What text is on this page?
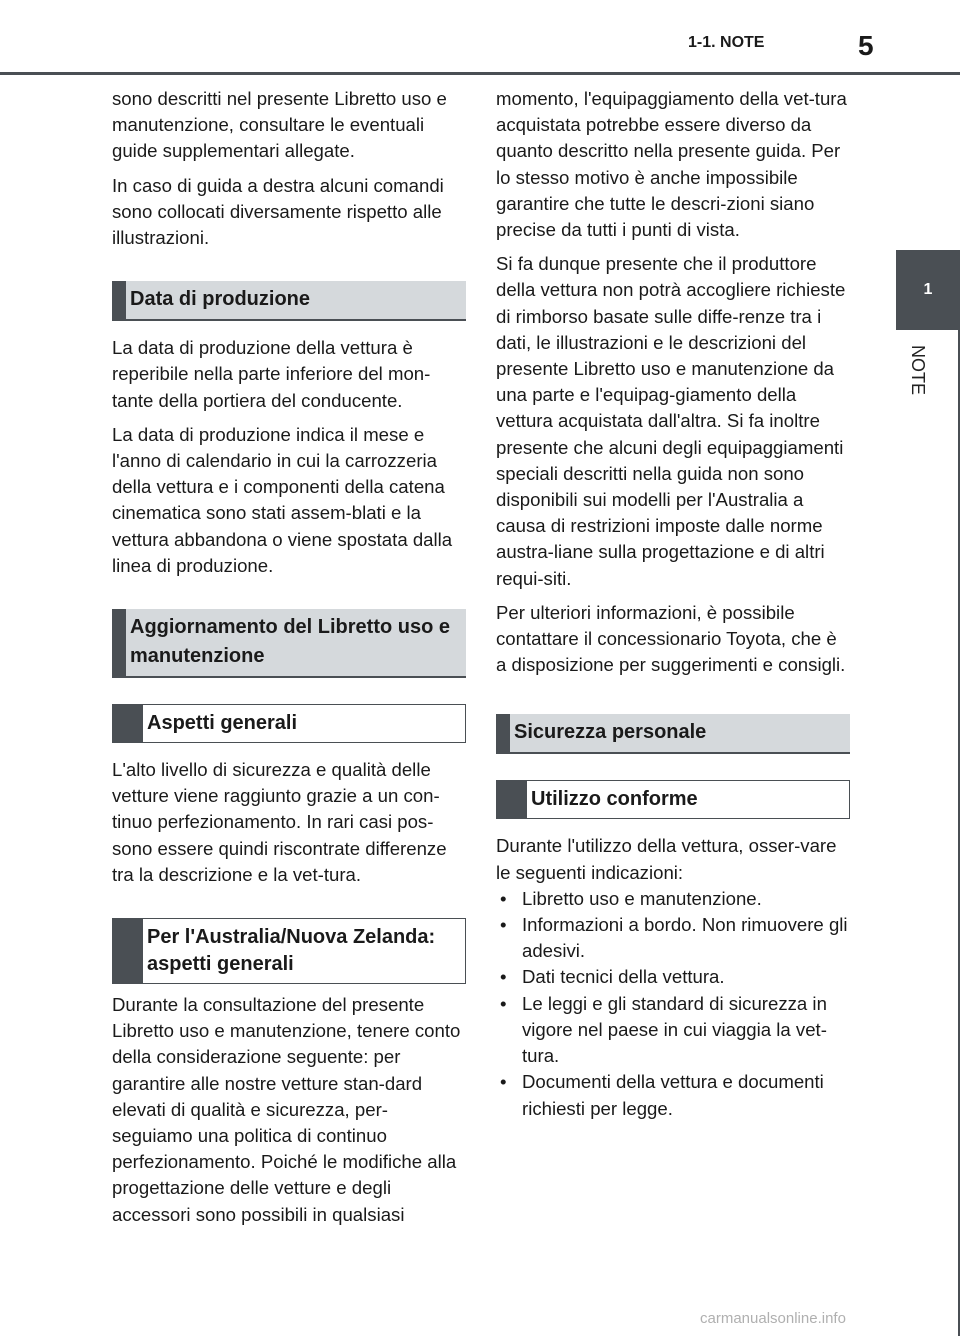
1-1. NOTE	5
1
NOTE

sono descritti nel presente Libretto uso e manutenzione, consultare le eventuali guide supplementari allegate.

In caso di guida a destra alcuni comandi sono collocati diversamente rispetto alle illustrazioni.

Data di produzione

La data di produzione della vettura è reperibile nella parte inferiore del mon-tante della portiera del conducente.

La data di produzione indica il mese e l'anno di calendario in cui la carrozzeria della vettura e i componenti della catena cinematica sono stati assem-blati e la vettura abbandona o viene spostata dalla linea di produzione.

Aggiornamento del Libretto uso e manutenzione
Aspetti generali

L'alto livello di sicurezza e qualità delle vetture viene raggiunto grazie a un con-tinuo perfezionamento. In rari casi pos-sono essere quindi riscontrate differenze tra la descrizione e la vet-tura.

Per l'Australia/Nuova Zelanda: aspetti generali

Durante la consultazione del presente Libretto uso e manutenzione, tenere conto della considerazione seguente: per garantire alle nostre vetture stan-dard elevati di qualità e sicurezza, per-seguiamo una politica di continuo perfezionamento. Poiché le modifiche alla progettazione delle vetture e degli accessori sono possibili in qualsiasi

momento, l'equipaggiamento della vet-tura acquistata potrebbe essere diverso da quanto descritto nella presente guida. Per lo stesso motivo è anche impossibile garantire che tutte le descri-zioni siano precise da tutti i punti di vista.

Si fa dunque presente che il produttore della vettura non potrà accogliere richieste di rimborso basate sulle diffe-renze tra i dati, le illustrazioni e le descrizioni del presente Libretto uso e manutenzione da una parte e l'equipag-giamento della vettura acquistata dall'altra. Si fa inoltre presente che alcuni degli equipaggiamenti speciali descritti nella guida non sono disponibili sui modelli per l'Australia a causa di restrizioni imposte dalle norme austra-liane sulla progettazione e di altri requi-siti.

Per ulteriori informazioni, è possibile contattare il concessionario Toyota, che è a disposizione per suggerimenti e consigli.

Sicurezza personale
Utilizzo conforme

Durante l'utilizzo della vettura, osser-vare le seguenti indicazioni:

• Libretto uso e manutenzione.
• Informazioni a bordo. Non rimuovere gli adesivi.
• Dati tecnici della vettura.
• Le leggi e gli standard di sicurezza in vigore nel paese in cui viaggia la vet-tura.
• Documenti della vettura e documenti richiesti per legge.
carmanualsonline.info
